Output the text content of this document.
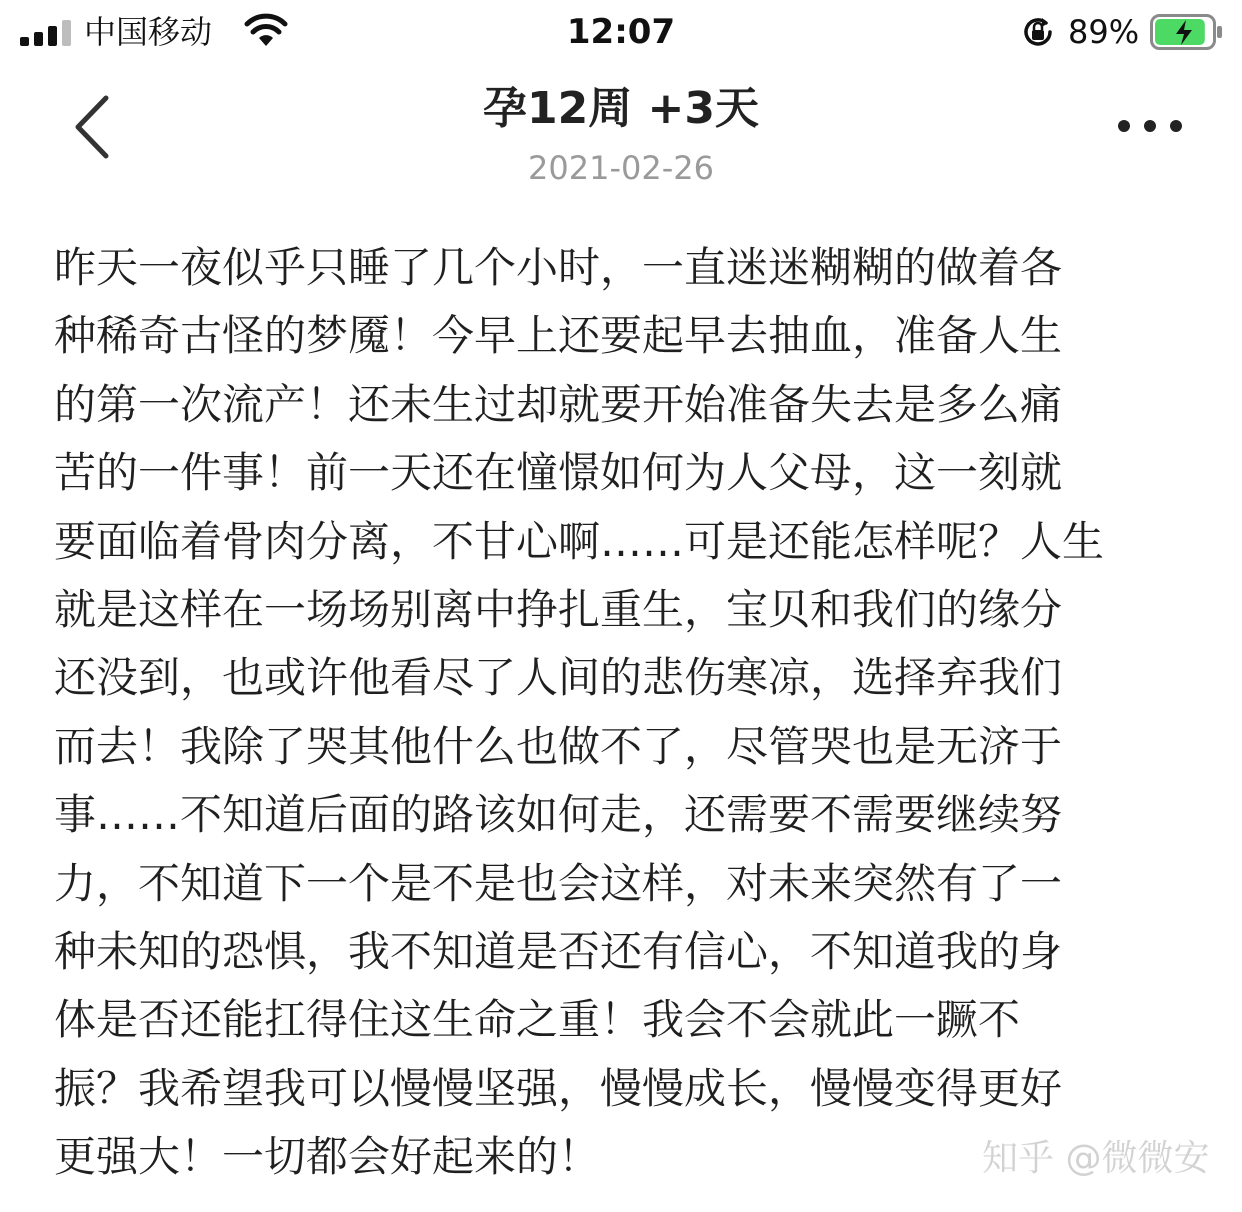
中国移动	12:07	89%
孕12周 +3天
2021-02-26
昨天一夜似乎只睡了几个小时，一直迷迷糊糊的做着各
种稀奇古怪的梦魇！今早上还要起早去抽血，准备人生
的第一次流产！还未生过却就要开始准备失去是多么痛
苦的一件事！前一天还在憧憬如何为人父母，这一刻就
要面临着骨肉分离，不甘心啊……可是还能怎样呢？人生
就是这样在一场场别离中挣扎重生，宝贝和我们的缘分
还没到，也或许他看尽了人间的悲伤寒凉，选择弃我们
而去！我除了哭其他什么也做不了，尽管哭也是无济于
事……不知道后面的路该如何走，还需要不需要继续努
力，不知道下一个是不是也会这样，对未来突然有了一
种未知的恐惧，我不知道是否还有信心，不知道我的身
体是否还能扛得住这生命之重！我会不会就此一蹶不
振？我希望我可以慢慢坚强，慢慢成长，慢慢变得更好
更强大！一切都会好起来的！	知乎 @微微安
